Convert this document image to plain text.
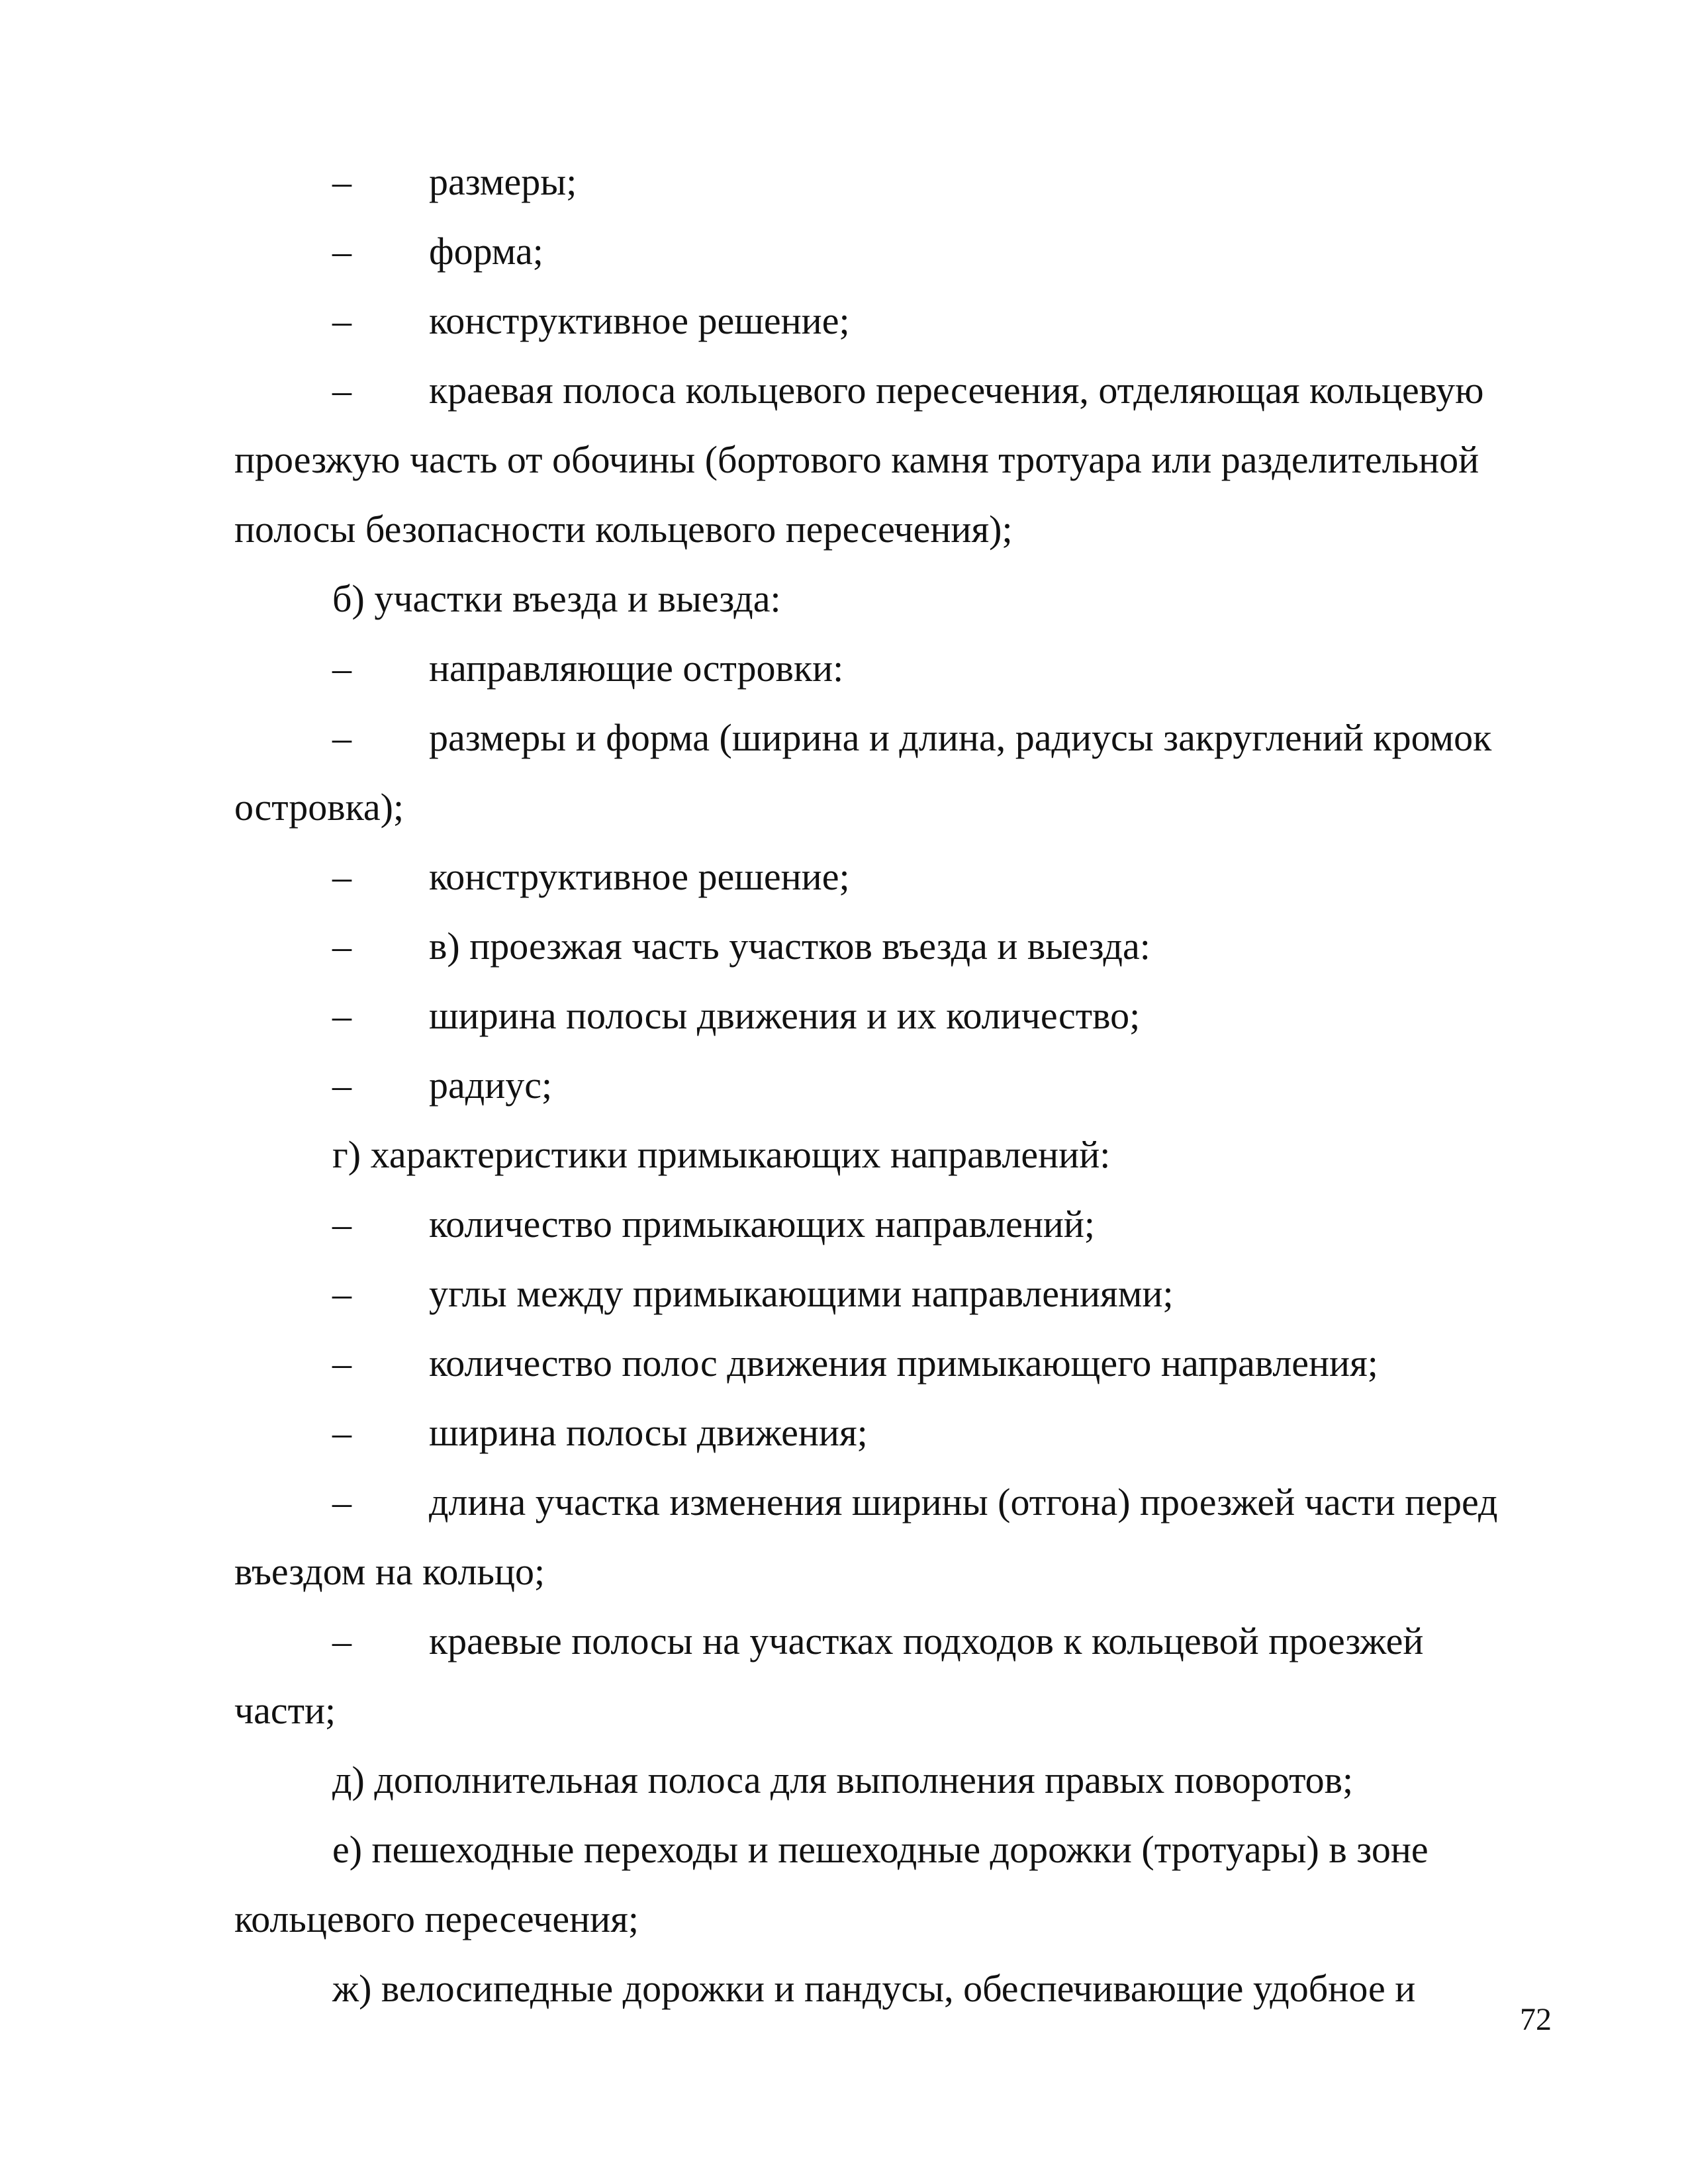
– размеры;
– форма;
– конструктивное решение;
– краевая полоса кольцевого пересечения, отделяющая кольцевую
проезжую часть от обочины (бортового камня тротуара или разделительной
полосы безопасности кольцевого пересечения);
б) участки въезда и выезда:
– направляющие островки:
– размеры и форма (ширина и длина, радиусы закруглений кромок
островка);
– конструктивное решение;
– в) проезжая часть участков въезда и выезда:
– ширина полосы движения и их количество;
– радиус;
г) характеристики примыкающих направлений:
– количество примыкающих направлений;
– углы между примыкающими направлениями;
– количество полос движения примыкающего направления;
– ширина полосы движения;
– длина участка изменения ширины (отгона) проезжей части перед
въездом на кольцо;
– краевые полосы на участках подходов к кольцевой проезжей
части;
д) дополнительная полоса для выполнения правых поворотов;
е) пешеходные переходы и пешеходные дорожки (тротуары) в зоне
кольцевого пересечения;
ж) велосипедные дорожки и пандусы, обеспечивающие удобное и
72
